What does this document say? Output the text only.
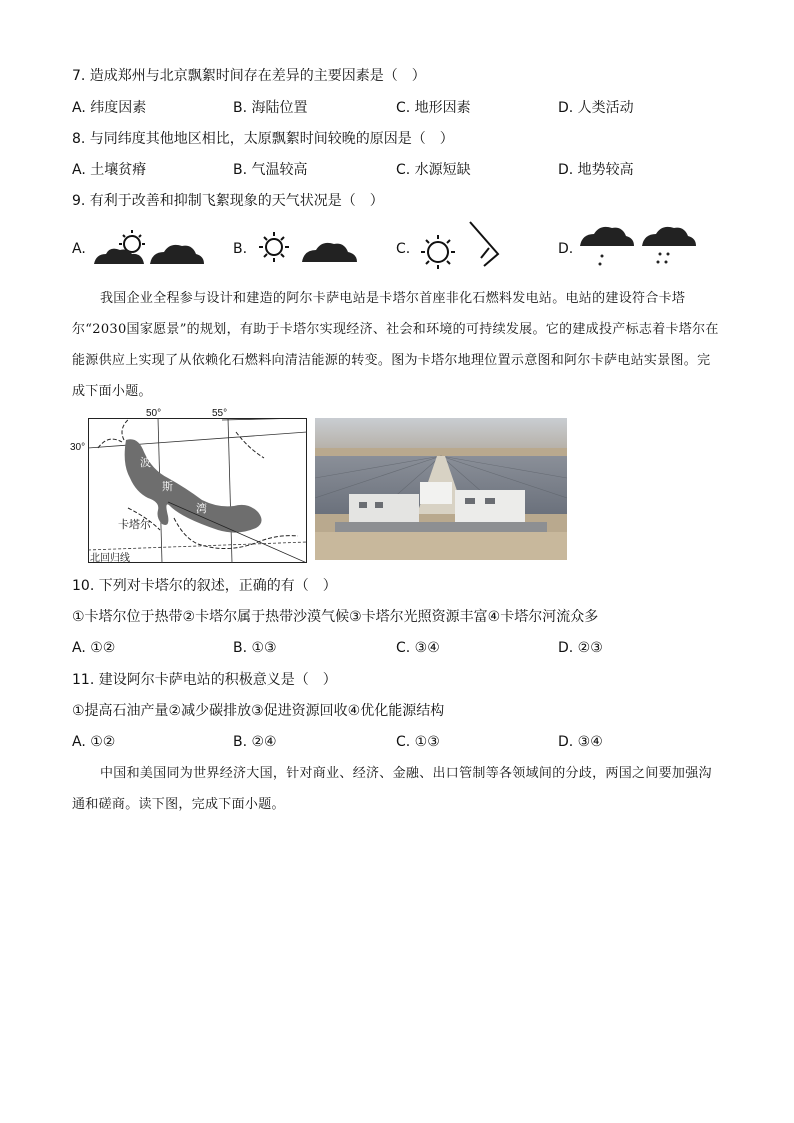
7. 造成郑州与北京飘絮时间存在差异的主要因素是（　）
A. 纬度因素	B. 海陆位置	C. 地形因素	D. 人类活动
8. 与同纬度其他地区相比，太原飘絮时间较晚的原因是（　）
A. 土壤贫瘠	B. 气温较高	C. 水源短缺	D. 地势较高
9. 有利于改善和抑制飞絮现象的天气状况是（　）
A.	B.	C.	D.
我国企业全程参与设计和建造的阿尔卡萨电站是卡塔尔首座非化石燃料发电站。电站的建设符合卡塔尔“2030国家愿景”的规划，有助于卡塔尔实现经济、社会和环境的可持续发展。它的建成投产标志着卡塔尔在能源供应上实现了从依赖化石燃料向清洁能源的转变。图为卡塔尔地理位置示意图和阿尔卡萨电站实景图。完成下面小题。
50°	55°
30°
波
斯
湾
卡塔尔
北回归线
10. 下列对卡塔尔的叙述，正确的有（　）
①卡塔尔位于热带②卡塔尔属于热带沙漠气候③卡塔尔光照资源丰富④卡塔尔河流众多
A. ①②	B. ①③	C. ③④	D. ②③
11. 建设阿尔卡萨电站的积极意义是（　）
①提高石油产量②减少碳排放③促进资源回收④优化能源结构
A. ①②	B. ②④	C. ①③	D. ③④
中国和美国同为世界经济大国，针对商业、经济、金融、出口管制等各领域间的分歧，两国之间要加强沟通和磋商。读下图，完成下面小题。
